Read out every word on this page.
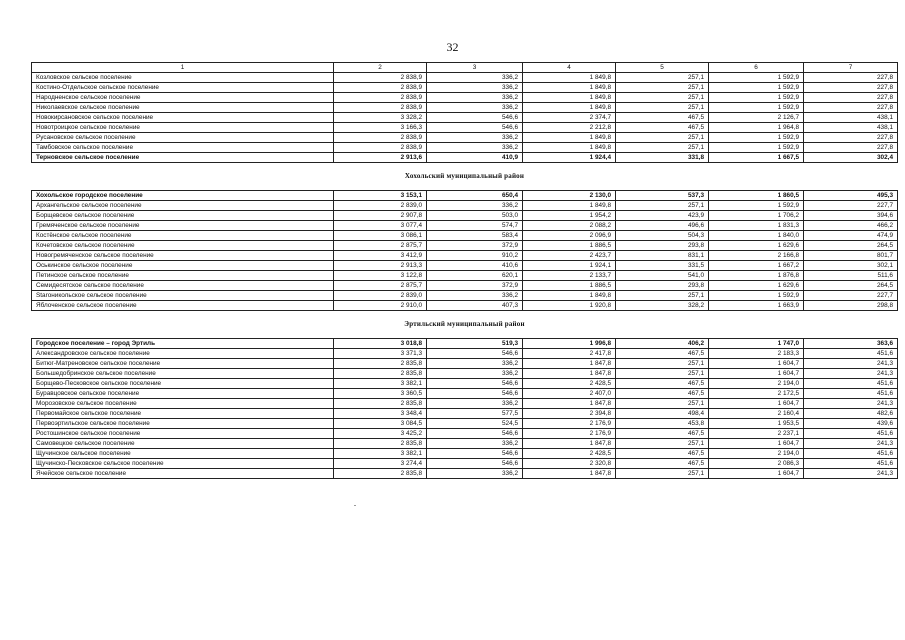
32
1	2	3	4	5	6	7
Козловское сельское поселение	2 838,9	336,2	1 849,8	257,1	1 592,9	227,8
Костино-Отдельское сельское поселение	2 838,9	336,2	1 849,8	257,1	1 592,9	227,8
Народненское сельское поселение	2 838,9	336,2	1 849,8	257,1	1 592,9	227,8
Николаевское сельское поселение	2 838,9	336,2	1 849,8	257,1	1 592,9	227,8
Новокирсановское сельское поселение	3 328,2	546,6	2 374,7	467,5	2 126,7	438,1
Новотроицкое сельское поселение	3 166,3	546,6	2 212,8	467,5	1 964,8	438,1
Русановское сельское поселение	2 838,9	336,2	1 849,8	257,1	1 592,9	227,8
Тамбовское сельское поселение	2 838,9	336,2	1 849,8	257,1	1 592,9	227,8
Терновское сельское поселение	2 913,6	410,9	1 924,4	331,8	1 667,5	302,4
Хохольский муниципальный район						
Хохольское городское поселение	3 153,1	650,4	2 130,0	537,3	1 860,5	495,3
Архангельское сельское поселение	2 839,0	336,2	1 849,8	257,1	1 592,9	227,7
Борщевское сельское поселение	2 907,8	503,0	1 954,2	423,9	1 706,2	394,6
Гремяченское сельское поселение	3 077,4	574,7	2 088,2	496,6	1 831,3	466,2
Костёнское сельское поселение	3 086,1	583,4	2 096,9	504,3	1 840,0	474,9
Кочетовское сельское поселение	2 875,7	372,9	1 886,5	293,8	1 629,6	264,5
Новогремяченское сельское поселение	3 412,9	910,2	2 423,7	831,1	2 166,8	801,7
Оськинское сельское поселение	2 913,3	410,6	1 924,1	331,5	1 667,2	302,1
Петинское сельское поселение	3 122,8	620,1	2 133,7	541,0	1 876,8	511,6
Семидесятское сельское поселение	2 875,7	372,9	1 886,5	293,8	1 629,6	264,5
Staroникольское сельское поселение	2 839,0	336,2	1 849,8	257,1	1 592,9	227,7
Яблоченское сельское поселение	2 910,0	407,3	1 920,8	328,2	1 663,9	298,8
Эртильский муниципальный район						
Городское поселение – город Эртиль	3 018,8	519,3	1 996,8	406,2	1 747,0	363,6
Александровское сельское поселение	3 371,3	546,6	2 417,8	467,5	2 183,3	451,6
Битюг-Матреновское сельское поселение	2 835,8	336,2	1 847,8	257,1	1 604,7	241,3
Большедобринское сельское поселение	2 835,8	336,2	1 847,8	257,1	1 604,7	241,3
Борщево-Песковское сельское поселение	3 382,1	546,6	2 428,5	467,5	2 194,0	451,6
Буравцовское сельское поселение	3 360,5	546,6	2 407,0	467,5	2 172,5	451,6
Морозовское сельское поселение	2 835,8	336,2	1 847,8	257,1	1 604,7	241,3
Первомайское сельское поселение	3 348,4	577,5	2 394,8	498,4	2 160,4	482,6
Первоэртильское сельское поселение	3 084,5	524,5	2 176,9	453,8	1 953,5	439,6
Ростошинское сельское поселение	3 425,2	546,6	2 176,9	467,5	2 237,1	451,6
Самовецкое сельское поселение	2 835,8	336,2	1 847,8	257,1	1 604,7	241,3
Щучинское сельское поселение	3 382,1	546,6	2 428,5	467,5	2 194,0	451,6
Щучинско-Песковское сельское поселение	3 274,4	546,6	2 320,8	467,5	2 086,3	451,6
Ячейское сельское поселение	2 835,8	336,2	1 847,8	257,1	1 604,7	241,3
